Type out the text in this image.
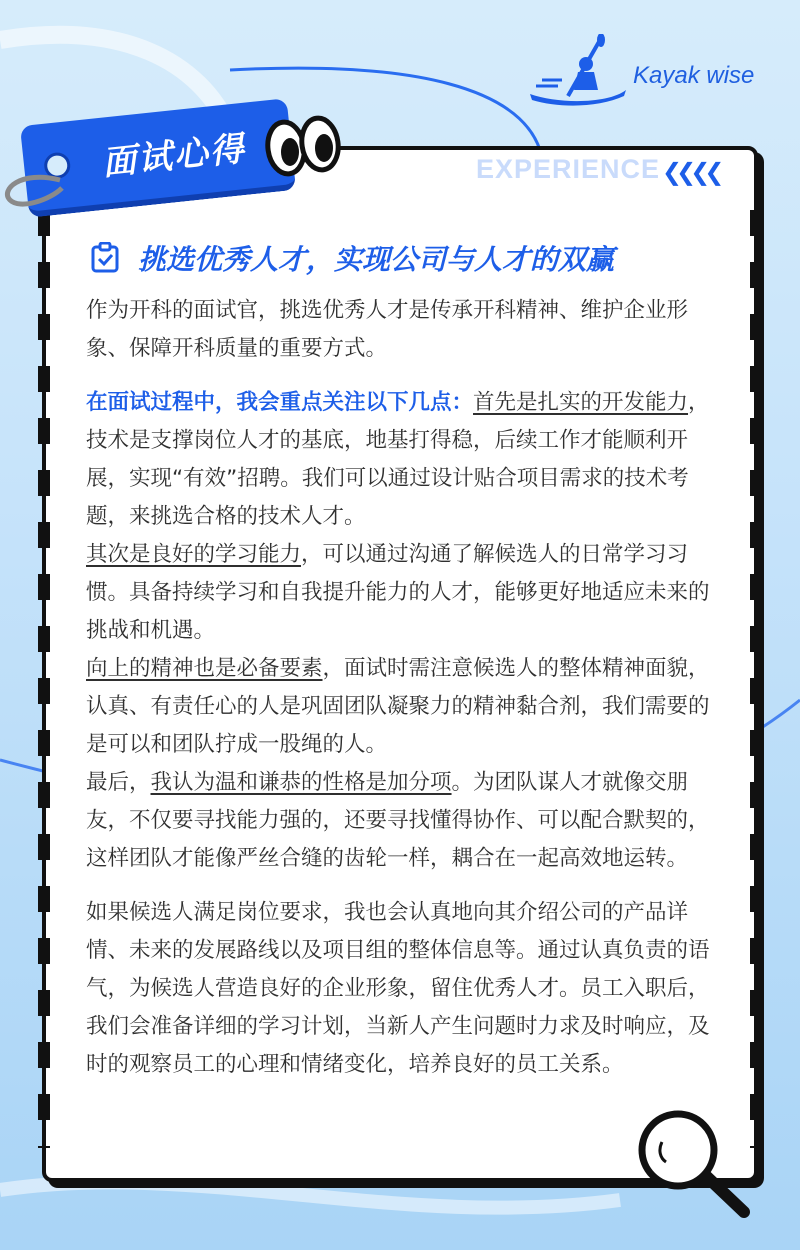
Kayak wise
EXPERIENCE ❮❮❮❮
面试心得
挑选优秀人才，实现公司与人才的双赢

作为开科的面试官，挑选优秀人才是传承开科精神、维护企业形象、保障开科质量的重要方式。

在面试过程中，我会重点关注以下几点：首先是扎实的开发能力，技术是支撑岗位人才的基底，地基打得稳，后续工作才能顺利开展，实现“有效”招聘。我们可以通过设计贴合项目需求的技术考题，来挑选合格的技术人才。
其次是良好的学习能力，可以通过沟通了解候选人的日常学习习惯。具备持续学习和自我提升能力的人才，能够更好地适应未来的挑战和机遇。
向上的精神也是必备要素，面试时需注意候选人的整体精神面貌，认真、有责任心的人是巩固团队凝聚力的精神黏合剂，我们需要的是可以和团队拧成一股绳的人。
最后，我认为温和谦恭的性格是加分项。为团队谋人才就像交朋友，不仅要寻找能力强的，还要寻找懂得协作、可以配合默契的，这样团队才能像严丝合缝的齿轮一样，耦合在一起高效地运转。

如果候选人满足岗位要求，我也会认真地向其介绍公司的产品详情、未来的发展路线以及项目组的整体信息等。通过认真负责的语气，为候选人营造良好的企业形象，留住优秀人才。员工入职后，我们会准备详细的学习计划，当新人产生问题时力求及时响应，及时的观察员工的心理和情绪变化，培养良好的员工关系。
